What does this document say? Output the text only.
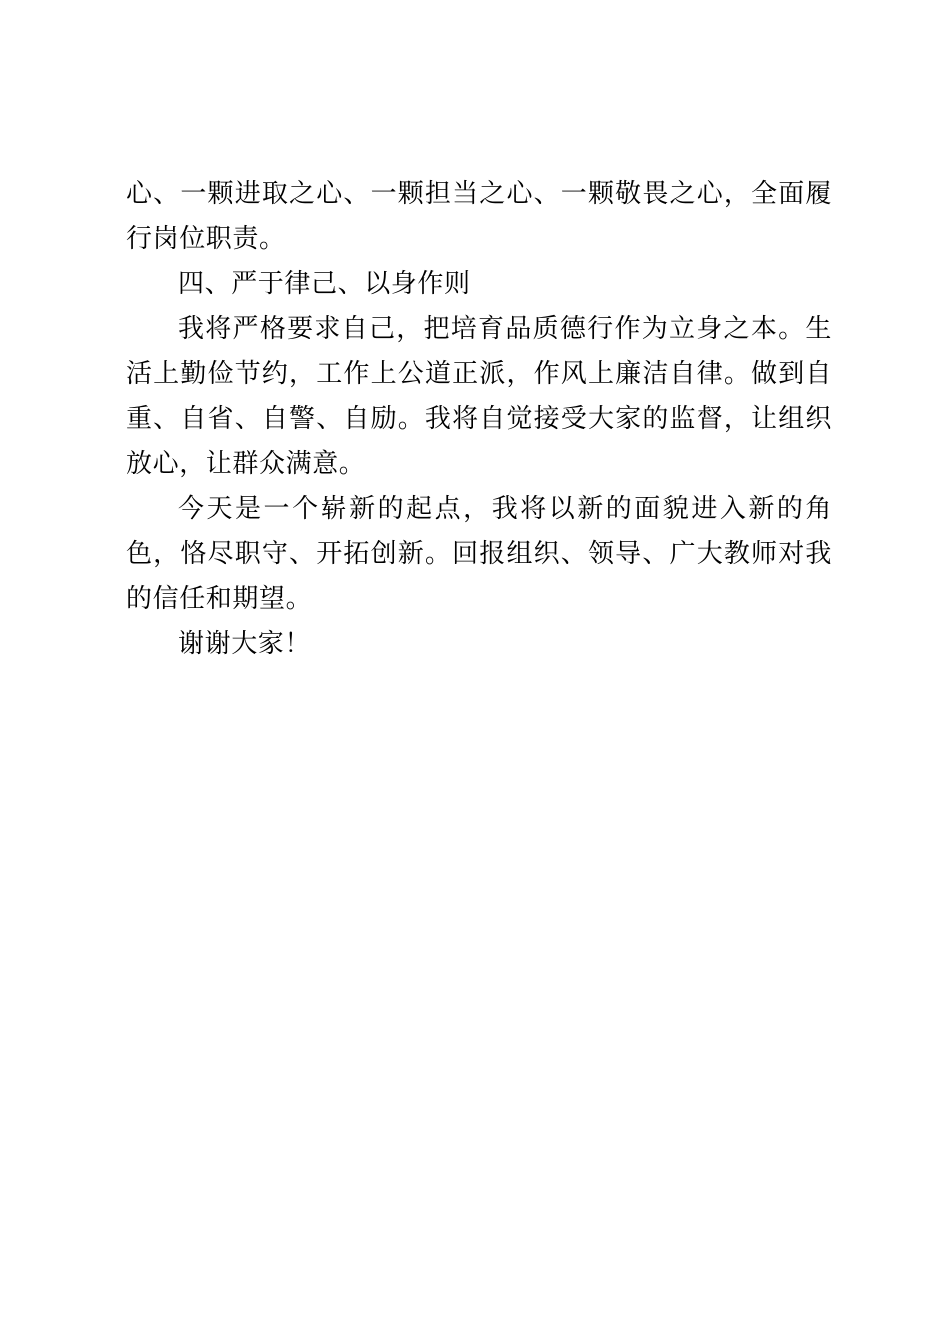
心、一颗进取之心、一颗担当之心、一颗敬畏之心，全面履行岗位职责。

四、严于律己、以身作则

我将严格要求自己，把培育品质德行作为立身之本。生活上勤俭节约，工作上公道正派，作风上廉洁自律。做到自重、自省、自警、自励。我将自觉接受大家的监督，让组织放心，让群众满意。

今天是一个崭新的起点，我将以新的面貌进入新的角色，恪尽职守、开拓创新。回报组织、领导、广大教师对我的信任和期望。

谢谢大家！
